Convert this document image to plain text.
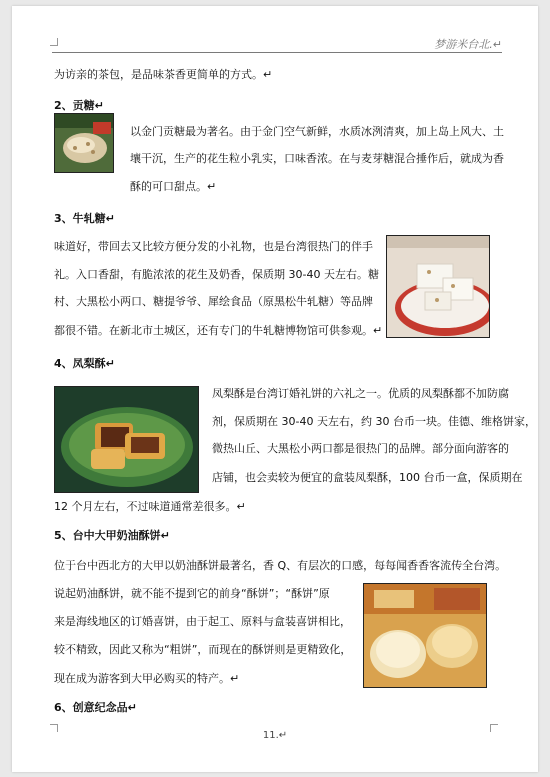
梦游米台北.↵
为访亲的茶包，是品味茶香更简单的方式。↵
2、贡糖↵
以金门贡糖最为著名。由于金门空气新鲜，水质冰洌清爽，加上岛上风大、土
壤干沉，生产的花生粒小乳实，口味香浓。在与麦芽糖混合捶作后，就成为香
酥的可口甜点。↵
3、牛轧糖↵
味道好，带回去又比较方便分发的小礼物，也是台湾很热门的伴手
礼。入口香甜，有脆浓浓的花生及奶香，保质期 30-40 天左右。糖
村、大黑松小两口、糖提爷爷、犀绘食品（原黑松牛轧糖）等品牌
都很不错。在新北市土城区，还有专门的牛轧糖博物馆可供参观。↵
4、凤梨酥↵
凤梨酥是台湾订婚礼饼的六礼之一。优质的凤梨酥都不加防腐
剂，保质期在 30-40 天左右，约 30 台币一块。佳德、维格饼家，
微热山丘、大黑松小两口都是很热门的品牌。部分面向游客的
店铺，也会卖较为便宜的盒装凤梨酥，100 台币一盒，保质期在
12 个月左右，不过味道通常差很多。↵
5、台中大甲奶油酥饼↵
位于台中西北方的大甲以奶油酥饼最著名，香 Q、有层次的口感，每每闻香香客流传全台湾。
说起奶油酥饼，就不能不提到它的前身“酥饼”；“酥饼”原
来是海线地区的订婚喜饼，由于起工、原料与盒装喜饼相比，
较不精致，因此又称为“粗饼”，而现在的酥饼则是更精致化，
现在成为游客到大甲必购买的特产。↵
6、创意纪念品↵
11.↵
